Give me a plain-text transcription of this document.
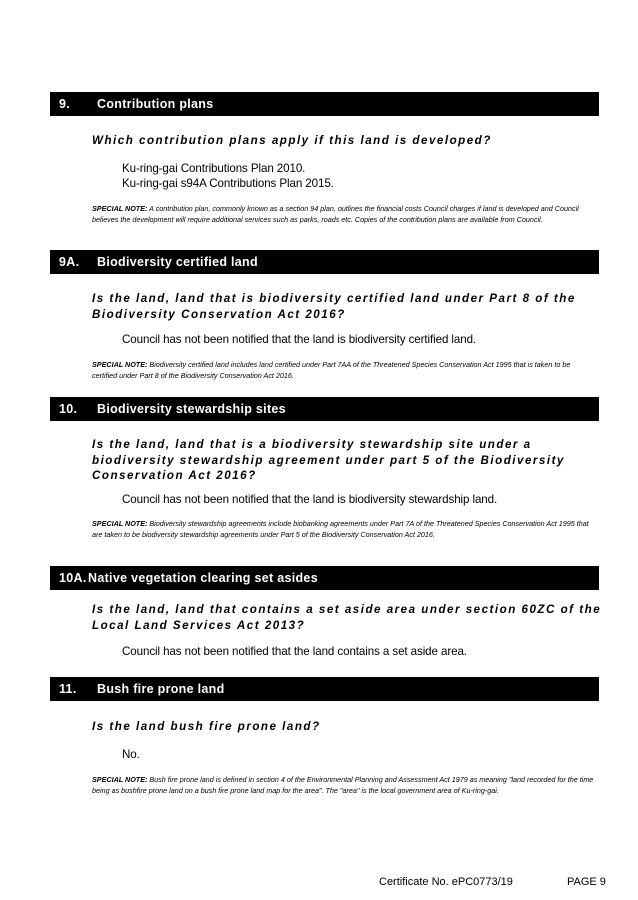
9.	Contribution plans
Which contribution plans apply if this land is developed?
Ku-ring-gai Contributions Plan 2010.
Ku-ring-gai s94A Contributions Plan 2015.
SPECIAL NOTE: A contribution plan, commonly known as a section 94 plan, outlines the financial costs Council charges if land is developed and Council believes the development will require additional services such as parks, roads etc. Copies of the contribution plans are available from Council.
9A.	Biodiversity certified land
Is the land, land that is biodiversity certified land under Part 8 of the Biodiversity Conservation Act 2016?
Council has not been notified that the land is biodiversity certified land.
SPECIAL NOTE: Biodiversity certified land includes land certified under Part 7AA of the Threatened Species Conservation Act 1995 that is taken to be certified under Part 8 of the Biodiversity Conservation Act 2016.
10.	Biodiversity stewardship sites
Is the land, land that is a biodiversity stewardship site under a biodiversity stewardship agreement under part 5 of the Biodiversity Conservation Act 2016?
Council has not been notified that the land is biodiversity stewardship land.
SPECIAL NOTE: Biodiversity stewardship agreements include biobanking agreements under Part 7A of the Threatened Species Conservation Act 1995 that are taken to be biodiversity stewardship agreements under Part 5 of the Biodiversity Conservation Act 2016.
10A. Native vegetation clearing set asides
Is the land, land that contains a set aside area under section 60ZC of the Local Land Services Act 2013?
Council has not been notified that the land contains a set aside area.
11.	Bush fire prone land
Is the land bush fire prone land?
No.
SPECIAL NOTE: Bush fire prone land is defined in section 4 of the Environmental Planning and Assessment Act 1979 as meaning "land recorded for the time being as bushfire prone land on a bush fire prone land map for the area". The "area" is the local government area of Ku-ring-gai.
Certificate No. ePC0773/19	PAGE 9
